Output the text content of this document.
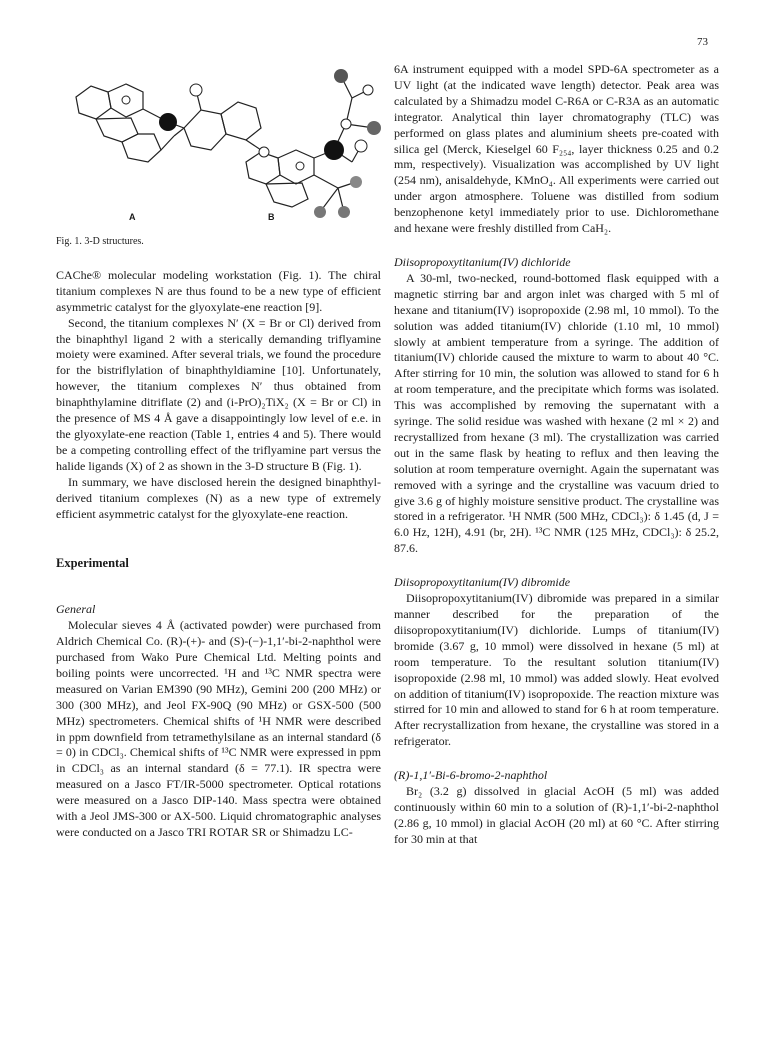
73
A	B
Fig. 1. 3-D structures.

CAChe® molecular modeling workstation (Fig. 1). The chiral titanium complexes N are thus found to be a new type of efficient asymmetric catalyst for the glyoxylate-ene reaction [9].

Second, the titanium complexes N′ (X = Br or Cl) derived from the binaphthyl ligand 2 with a sterically demanding triflyamine moiety were examined. After several trials, we found the procedure for the bistriflylation of binaphthyldiamine [10]. Unfortunately, however, the titanium complexes N′ thus obtained from binaphthylamine ditriflate (2) and (i-PrO)₂TiX₂ (X = Br or Cl) in the presence of MS 4 Å gave a disappointingly low level of e.e. in the glyoxylate-ene reaction (Table 1, entries 4 and 5). There would be a competing controlling effect of the triflyamine part versus the halide ligands (X) of 2 as shown in the 3-D structure B (Fig. 1).

In summary, we have disclosed herein the designed binaphthyl-derived titanium complexes (N) as a new type of extremely efficient asymmetric catalyst for the glyoxylate-ene reaction.

Experimental

General

Molecular sieves 4 Å (activated powder) were purchased from Aldrich Chemical Co. (R)-(+)- and (S)-(−)-1,1′-bi-2-naphthol were purchased from Wako Pure Chemical Ltd. Melting points and boiling points were uncorrected. ¹H and ¹³C NMR spectra were measured on Varian EM390 (90 MHz), Gemini 200 (200 MHz) or 300 (300 MHz), and Jeol FX-90Q (90 MHz) or GSX-500 (500 MHz) spectrometers. Chemical shifts of ¹H NMR were described in ppm downfield from tetramethylsilane as an internal standard (δ = 0) in CDCl₃. Chemical shifts of ¹³C NMR were expressed in ppm in CDCl₃ as an internal standard (δ = 77.1). IR spectra were measured on a Jasco FT/IR-5000 spectrometer. Optical rotations were measured on a Jasco DIP-140. Mass spectra were obtained with a Jeol JMS-300 or AX-500. Liquid chromatographic analyses were conducted on a Jasco TRI ROTAR SR or Shimadzu LC-

6A instrument equipped with a model SPD-6A spectrometer as a UV light (at the indicated wave length) detector. Peak area was calculated by a Shimadzu model C-R6A or C-R3A as an automatic integrator. Analytical thin layer chromatography (TLC) was performed on glass plates and aluminium sheets pre-coated with silica gel (Merck, Kieselgel 60 F₂₅₄, layer thickness 0.25 and 0.2 mm, respectively). Visualization was accomplished by UV light (254 nm), anisaldehyde, KMnO₄. All experiments were carried out under argon atmosphere. Toluene was distilled from sodium benzophenone ketyl immediately prior to use. Dichloromethane and hexane were freshly distilled from CaH₂.

Diisopropoxytitanium(IV) dichloride

A 30-ml, two-necked, round-bottomed flask equipped with a magnetic stirring bar and argon inlet was charged with 5 ml of hexane and titanium(IV) isopropoxide (2.98 ml, 10 mmol). To the solution was added titanium(IV) chloride (1.10 ml, 10 mmol) slowly at ambient temperature from a syringe. The addition of titanium(IV) chloride caused the mixture to warm to about 40 °C. After stirring for 10 min, the solution was allowed to stand for 6 h at room temperature, and the precipitate which forms was isolated. This was accomplished by removing the supernatant with a syringe. The solid residue was washed with hexane (2 ml × 2) and recrystallized from hexane (3 ml). The crystallization was carried out in the same flask by heating to reflux and then leaving the solution at room temperature overnight. Again the supernatant was removed with a syringe and the crystalline was vacuum dried to give 3.6 g of highly moisture sensitive product. The crystalline was stored in a refrigerator. ¹H NMR (500 MHz, CDCl₃): δ 1.45 (d, J = 6.0 Hz, 12H), 4.91 (br, 2H). ¹³C NMR (125 MHz, CDCl₃): δ 25.2, 87.6.

Diisopropoxytitanium(IV) dibromide

Diisopropoxytitanium(IV) dibromide was prepared in a similar manner described for the preparation of the diisopropoxytitanium(IV) dichloride. Lumps of titanium(IV) bromide (3.67 g, 10 mmol) were dissolved in hexane (5 ml) at room temperature. To the resultant solution titanium(IV) isopropoxide (2.98 ml, 10 mmol) was added slowly. Heat evolved on addition of titanium(IV) isopropoxide. The reaction mixture was stirred for 10 min and allowed to stand for 6 h at room temperature. After recrystallization from hexane, the crystalline was stored in a refrigerator.

(R)-1,1′-Bi-6-bromo-2-naphthol

Br₂ (3.2 g) dissolved in glacial AcOH (5 ml) was added continuously within 60 min to a solution of (R)-1,1′-bi-2-naphthol (2.86 g, 10 mmol) in glacial AcOH (20 ml) at 60 °C. After stirring for 30 min at that
